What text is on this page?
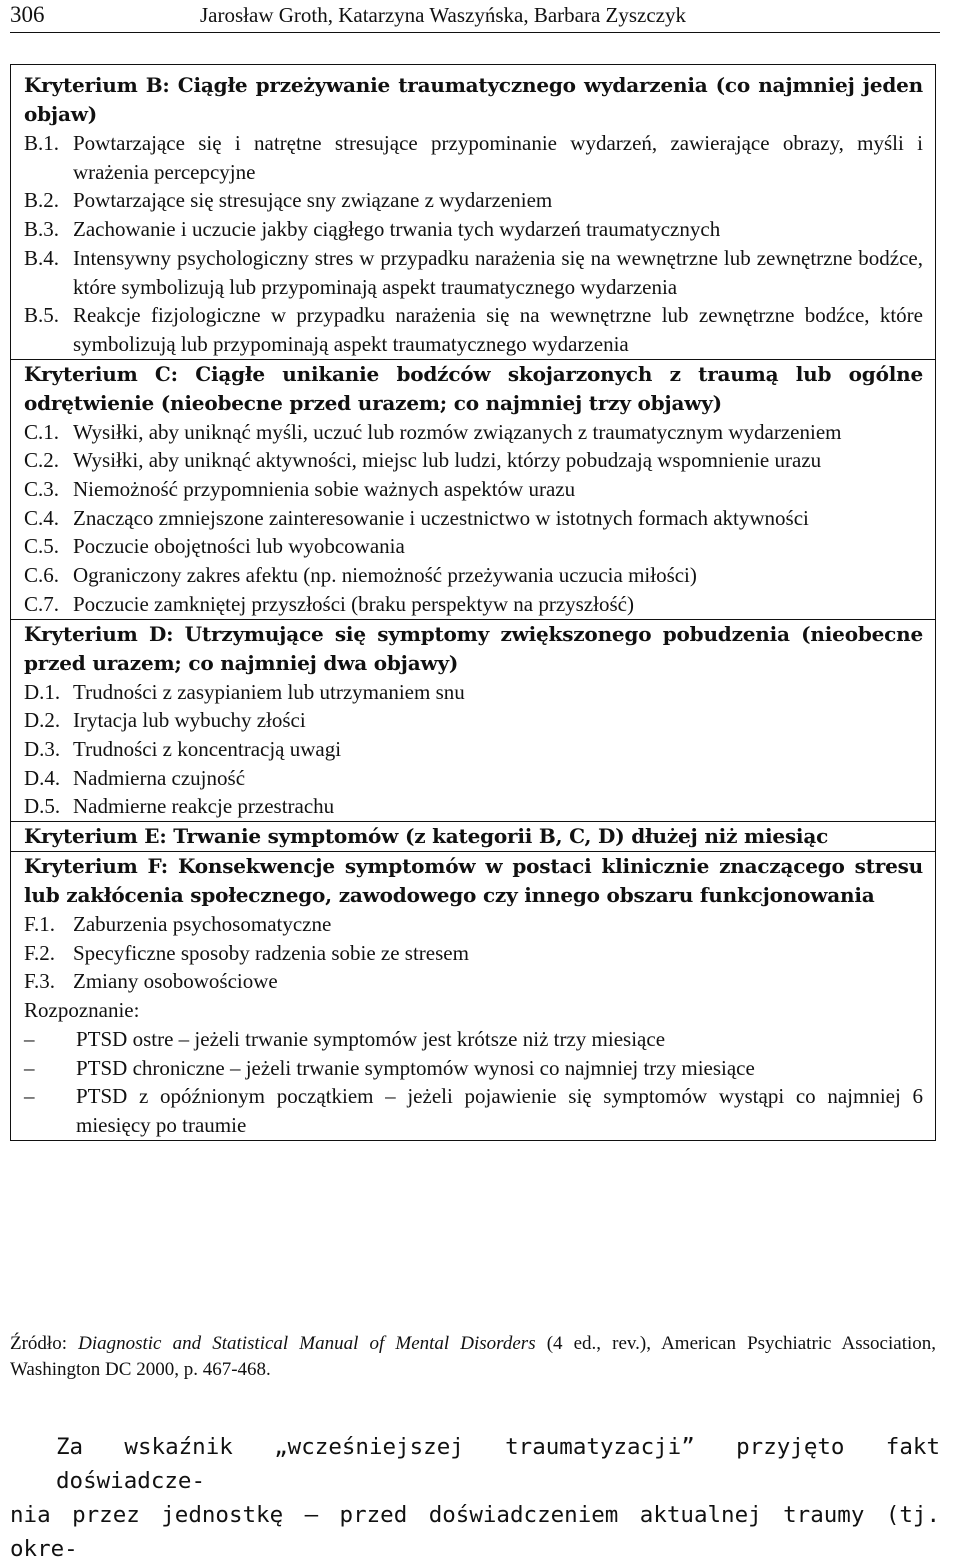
306	Jarosław Groth, Katarzyna Waszyńska, Barbara Zyszczyk
Kryterium B: Ciągłe przeżywanie traumatycznego wydarzenia (co najmniej jeden objaw)
B.1. Powtarzające się i natrętne stresujące przypominanie wydarzeń, zawierające obrazy, myśli i wrażenia percepcyjne
B.2. Powtarzające się stresujące sny związane z wydarzeniem
B.3. Zachowanie i uczucie jakby ciągłego trwania tych wydarzeń traumatycznych
B.4. Intensywny psychologiczny stres w przypadku narażenia się na wewnętrzne lub zewnętrzne bodźce, które symbolizują lub przypominają aspekt traumatycznego wydarzenia
B.5. Reakcje fizjologiczne w przypadku narażenia się na wewnętrzne lub zewnętrzne bodźce, które symbolizują lub przypominają aspekt traumatycznego wydarzenia
Kryterium C: Ciągłe unikanie bodźców skojarzonych z traumą lub ogólne odrętwienie (nieobecne przed urazem; co najmniej trzy objawy)
C.1. Wysiłki, aby uniknąć myśli, uczuć lub rozmów związanych z traumatycznym wydarzeniem
C.2. Wysiłki, aby uniknąć aktywności, miejsc lub ludzi, którzy pobudzają wspomnienie urazu
C.3. Niemożność przypomnienia sobie ważnych aspektów urazu
C.4. Znacząco zmniejszone zainteresowanie i uczestnictwo w istotnych formach aktywności
C.5. Poczucie obojętności lub wyobcowania
C.6. Ograniczony zakres afektu (np. niemożność przeżywania uczucia miłości)
C.7. Poczucie zamkniętej przyszłości (braku perspektyw na przyszłość)
Kryterium D: Utrzymujące się symptomy zwiększonego pobudzenia (nieobecne przed urazem; co najmniej dwa objawy)
D.1. Trudności z zasypianiem lub utrzymaniem snu
D.2. Irytacja lub wybuchy złości
D.3. Trudności z koncentracją uwagi
D.4. Nadmierna czujność
D.5. Nadmierne reakcje przestrachu
Kryterium E: Trwanie symptomów (z kategorii B, C, D) dłużej niż miesiąc
Kryterium F: Konsekwencje symptomów w postaci klinicznie znaczącego stresu lub zakłócenia społecznego, zawodowego czy innego obszaru funkcjonowania
F.1. Zaburzenia psychosomatyczne
F.2. Specyficzne sposoby radzenia sobie ze stresem
F.3. Zmiany osobowościowe
Rozpoznanie:
– PTSD ostre – jeżeli trwanie symptomów jest krótsze niż trzy miesiące
– PTSD chroniczne – jeżeli trwanie symptomów wynosi co najmniej trzy miesiące
– PTSD z opóźnionym początkiem – jeżeli pojawienie się symptomów wystąpi co najmniej 6 miesięcy po traumie
Źródło: Diagnostic and Statistical Manual of Mental Disorders (4 ed., rev.), American Psychiatric Association, Washington DC 2000, p. 467-468.
Za wskaźnik „wcześniejszej traumatyzacji” przyjęto fakt doświadcze-
nia przez jednostkę – przed doświadczeniem aktualnej traumy (tj. okre-
